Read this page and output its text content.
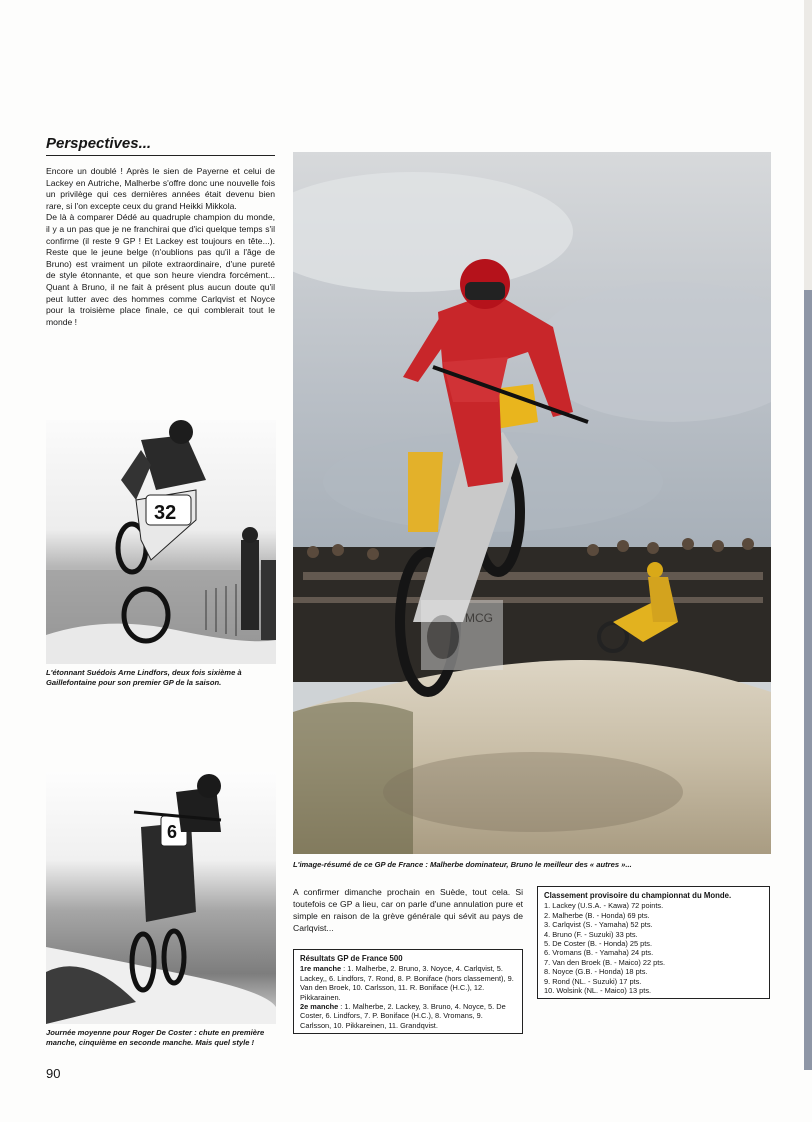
Perspectives...

Encore un doublé ! Après le sien de Payerne et celui de Lackey en Autriche, Malherbe s'offre donc une nouvelle fois un privilège qui ces dernières années était devenu bien rare, si l'on excepte ceux du grand Heikki Mikkola.

De là à comparer Dédé au quadruple champion du monde, il y a un pas que je ne franchirai que d'ici quelque temps s'il confirme (il reste 9 GP ! Et Lackey est toujours en tête...). Reste que le jeune belge (n'oublions pas qu'il a l'âge de Bruno) est vraiment un pilote extraordinaire, d'une pureté de style étonnante, et que son heure viendra forcément... Quant à Bruno, il ne fait à présent plus aucun doute qu'il peut lutter avec des hommes comme Carlqvist et Noyce pour la troisième place finale, ce qui comblerait tout le monde !

32
L'étonnant Suédois Arne Lindfors, deux fois sixième à Gaillefontaine pour son premier GP de la saison.
6
Journée moyenne pour Roger De Coster : chute en première manche, cinquième en seconde manche. Mais quel style !
MCG
L'image-résumé de ce GP de France : Malherbe dominateur, Bruno le meilleur des « autres »...
A confirmer dimanche prochain en Suède, tout cela. Si toutefois ce GP a lieu, car on parle d'une annulation pure et simple en raison de la grève générale qui sévit au pays de Carlqvist...
Résultats GP de France 500
1re manche : 1. Malherbe, 2. Bruno, 3. Noyce, 4. Carlqvist, 5. Lackey,, 6. Lindfors, 7. Rond, 8. P. Boniface (hors classement), 9. Van den Broek, 10. Carlsson, 11. R. Boniface (H.C.), 12. Pikkarainen.
2e manche : 1. Malherbe, 2. Lackey, 3. Bruno, 4. Noyce, 5. De Coster, 6. Lindfors, 7. P. Boniface (H.C.), 8. Vromans, 9. Carlsson, 10. Pikkareinen, 11. Grandqvist.
Classement provisoire du championnat du Monde.
1. Lackey (U.S.A. - Kawa) 72 points.
2. Malherbe (B. - Honda) 69 pts.
3. Carlqvist (S. - Yamaha) 52 pts.
4. Bruno (F. - Suzuki) 33 pts.
5. De Coster (B. - Honda) 25 pts.
6. Vromans (B. - Yamaha) 24 pts.
7. Van den Broek (B. - Maico) 22 pts.
8. Noyce (G.B. - Honda) 18 pts.
9. Rond (NL. - Suzuki) 17 pts.
10. Wolsink (NL. - Maico) 13 pts.
90
